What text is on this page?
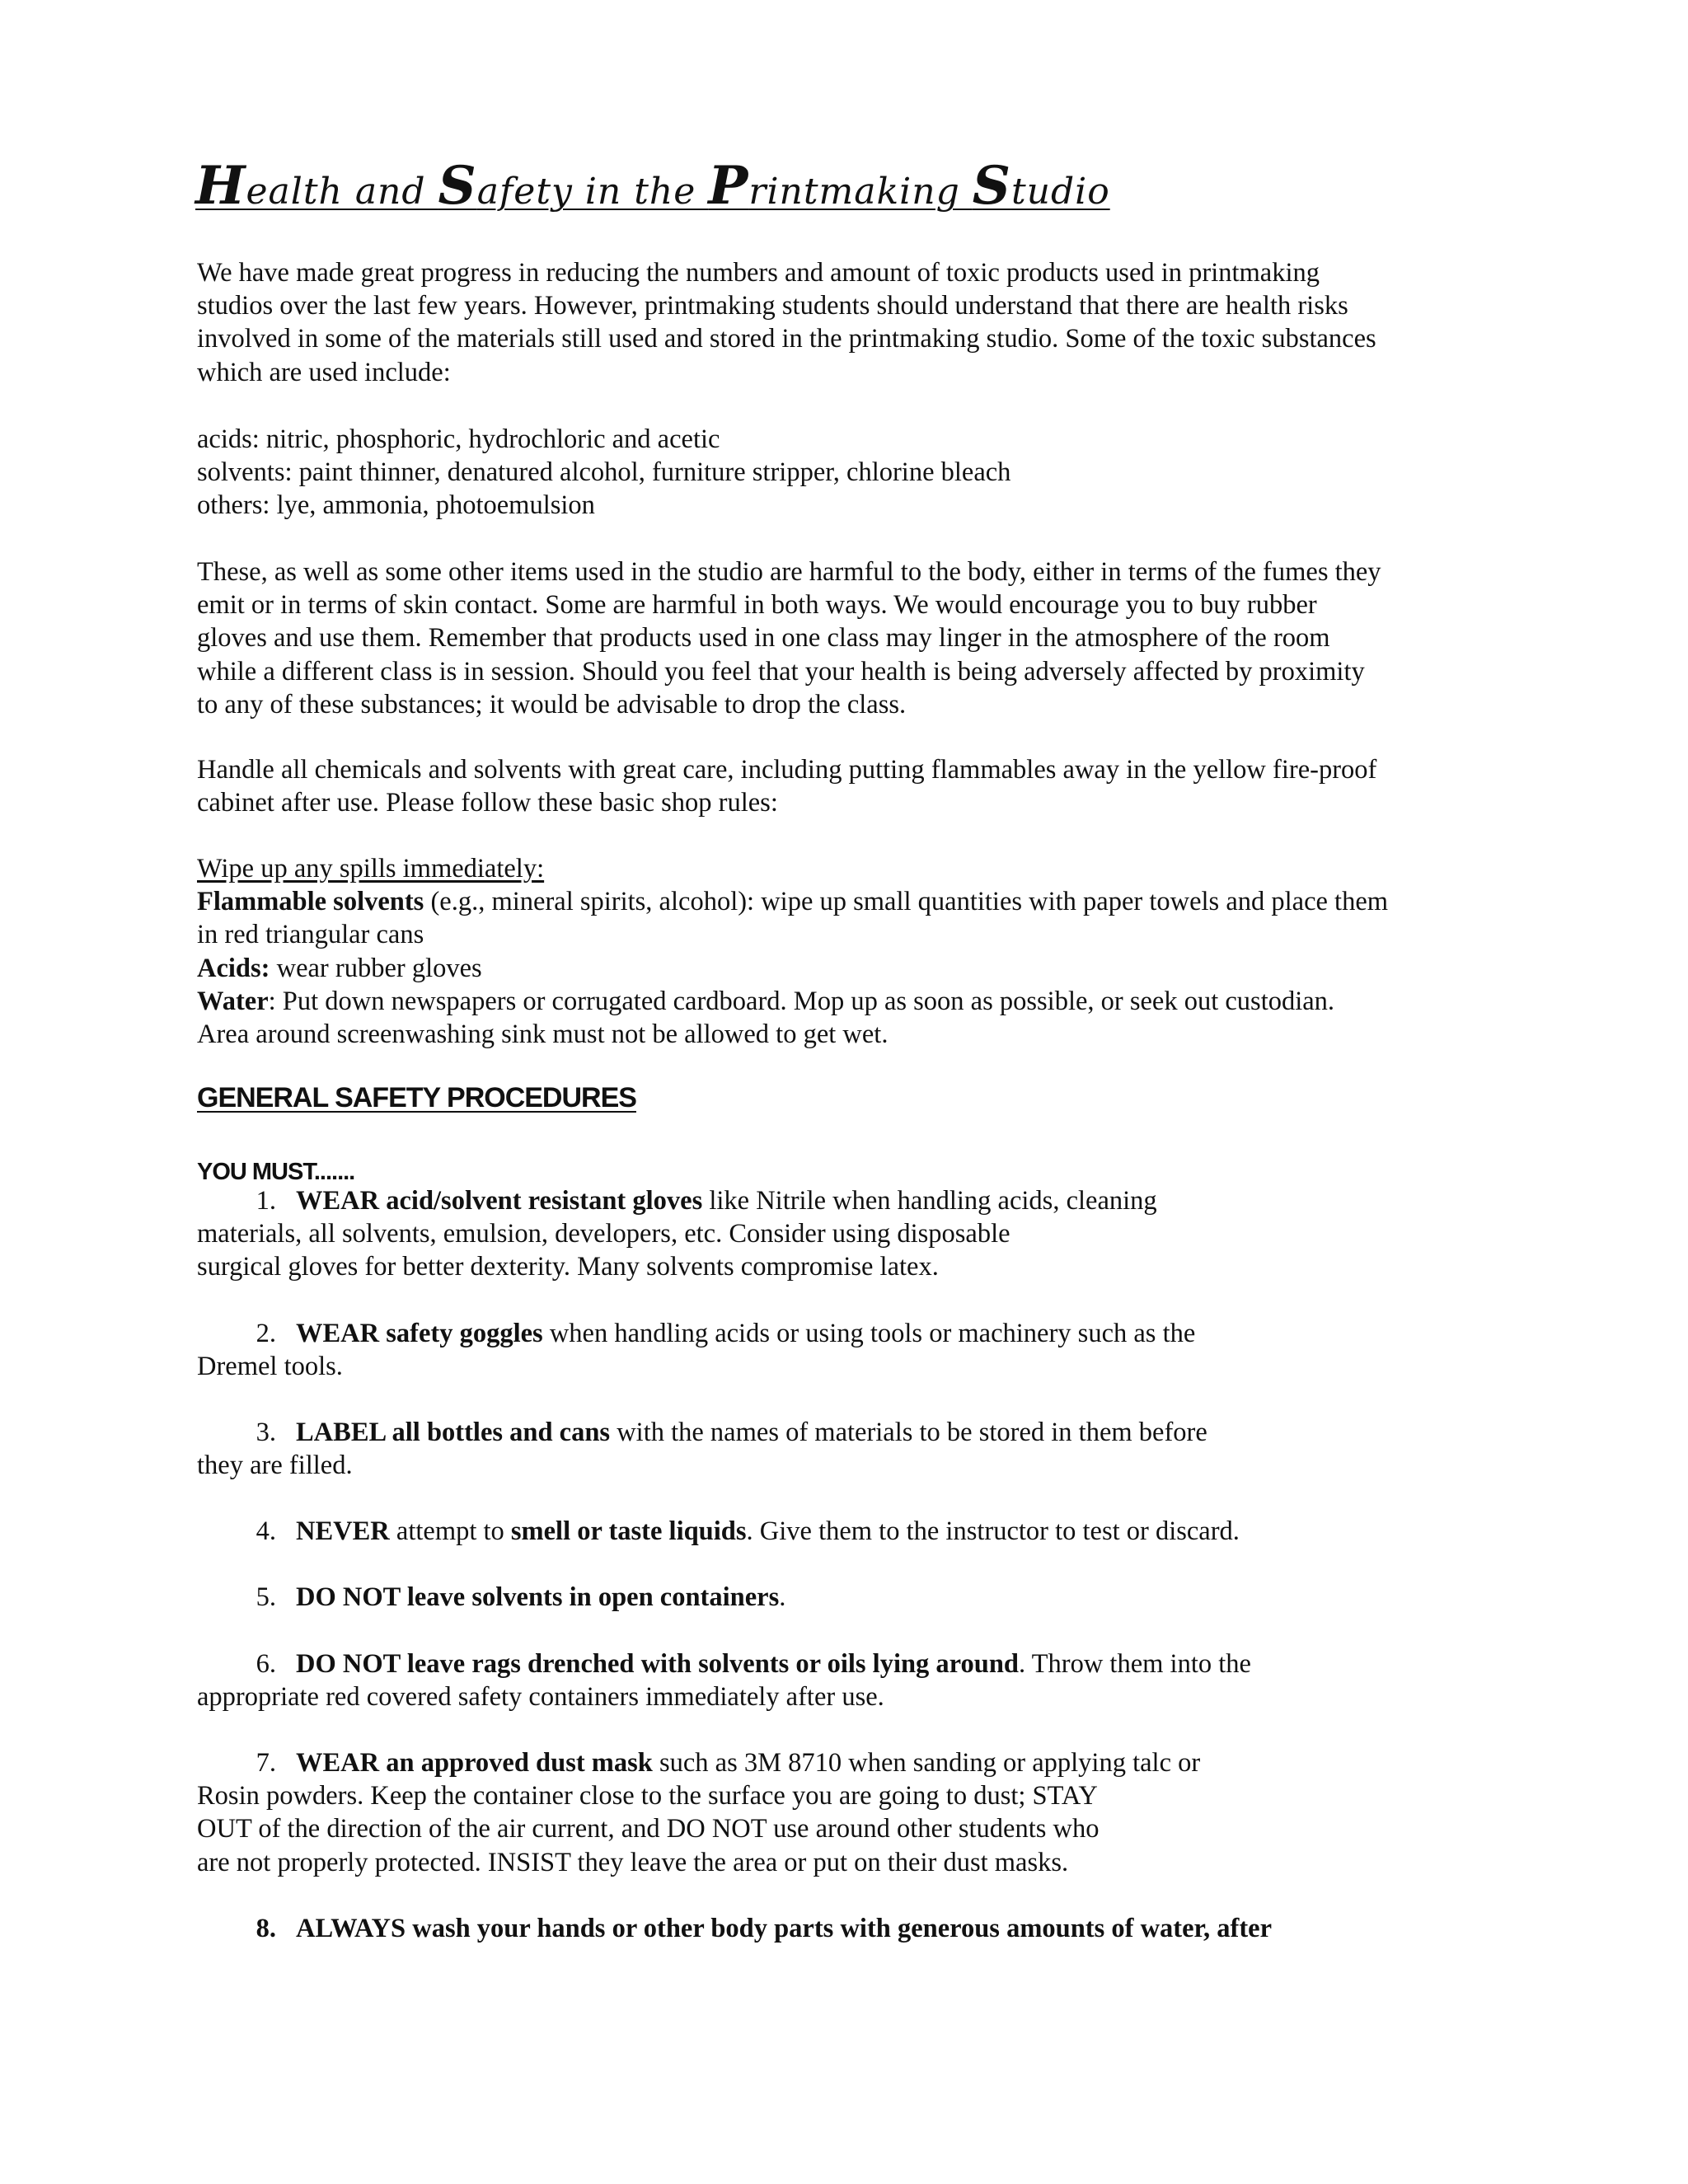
Health and Safety in the Printmaking Studio
We have made great progress in reducing the numbers and amount of toxic products used in printmaking
studios over the last few years. However, printmaking students should understand that there are health risks
involved in some of the materials still used and stored in the printmaking studio. Some of the toxic substances
which are used include:
acids: nitric, phosphoric, hydrochloric and acetic
solvents: paint thinner, denatured alcohol, furniture stripper, chlorine bleach
others: lye, ammonia, photoemulsion
These, as well as some other items used in the studio are harmful to the body, either in terms of the fumes they
emit or in terms of skin contact. Some are harmful in both ways. We would encourage you to buy rubber
gloves and use them. Remember that products used in one class may linger in the atmosphere of the room
while a different class is in session. Should you feel that your health is being adversely affected by proximity
to any of these substances; it would be advisable to drop the class.
Handle all chemicals and solvents with great care, including putting flammables away in the yellow fire-proof
cabinet after use. Please follow these basic shop rules:
Wipe up any spills immediately:
Flammable solvents (e.g., mineral spirits, alcohol): wipe up small quantities with paper towels and place them
in red triangular cans
Acids: wear rubber gloves
Water: Put down newspapers or corrugated cardboard. Mop up as soon as possible, or seek out custodian.
Area around screenwashing sink must not be allowed to get wet.
GENERAL SAFETY PROCEDURES
YOU MUST.......
1. WEAR acid/solvent resistant gloves like Nitrile when handling acids, cleaning
materials, all solvents, emulsion, developers, etc. Consider using disposable
surgical gloves for better dexterity. Many solvents compromise latex.
2. WEAR safety goggles when handling acids or using tools or machinery such as the
Dremel tools.
3. LABEL all bottles and cans with the names of materials to be stored in them before
they are filled.
4. NEVER attempt to smell or taste liquids. Give them to the instructor to test or discard.
5. DO NOT leave solvents in open containers.
6. DO NOT leave rags drenched with solvents or oils lying around. Throw them into the
appropriate red covered safety containers immediately after use.
7. WEAR an approved dust mask such as 3M 8710 when sanding or applying talc or
Rosin powders. Keep the container close to the surface you are going to dust; STAY
OUT of the direction of the air current, and DO NOT use around other students who
are not properly protected. INSIST they leave the area or put on their dust masks.
8. ALWAYS wash your hands or other body parts with generous amounts of water, after
